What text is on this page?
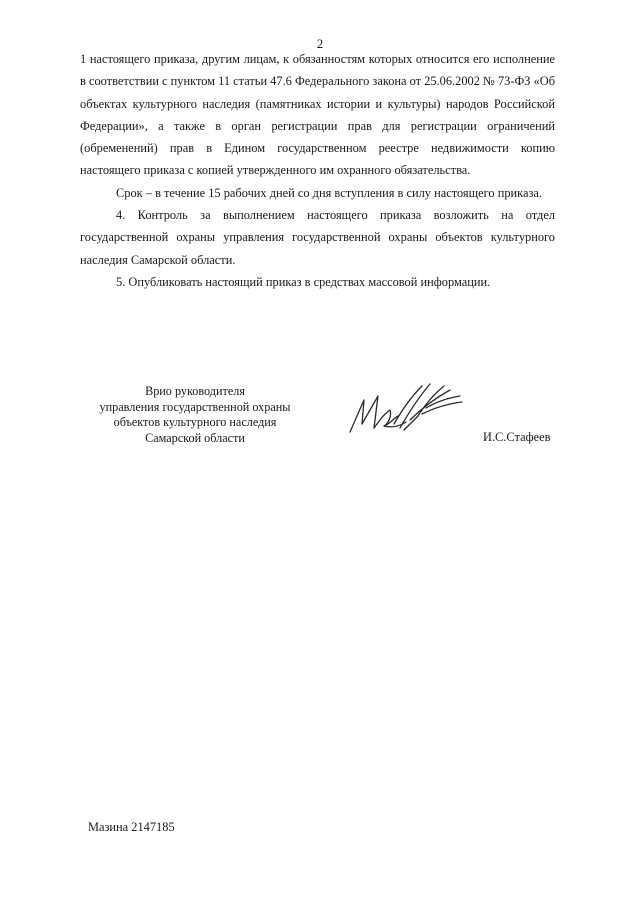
2

1 настоящего приказа, другим лицам, к обязанностям которых относится его исполнение в соответствии с пунктом 11 статьи 47.6 Федерального закона от 25.06.2002 № 73-ФЗ «Об объектах культурного наследия (памятниках истории и культуры) народов Российской Федерации», а также в орган регистрации прав для регистрации ограничений (обременений) прав в Едином государственном реестре недвижимости копию настоящего приказа с копией утвержденного им охранного обязательства.

Срок – в течение 15 рабочих дней со дня вступления в силу настоящего приказа.

4. Контроль за выполнением настоящего приказа возложить на отдел государственной охраны управления государственной охраны объектов культурного наследия Самарской области.

5. Опубликовать настоящий приказ в средствах массовой информации.

Врио руководителя
управления государственной охраны
объектов культурного наследия
Самарской области	И.С.Стафеев
Мазина 2147185
